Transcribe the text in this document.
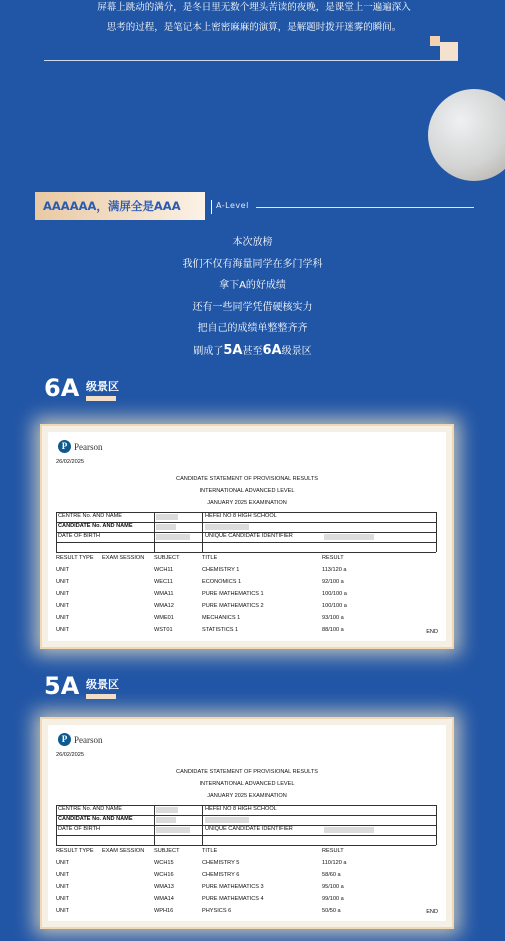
屏幕上跳动的满分，是冬日里无数个埋头苦读的夜晚，是课堂上一遍遍深入

思考的过程，是笔记本上密密麻麻的演算，是解题时拨开迷雾的瞬间。

AAAAAA，满屏全是AAA	A-Level

本次放榜

我们不仅有海量同学在多门学科

拿下A的好成绩

还有一些同学凭借硬核实力

把自己的成绩单整整齐齐

刷成了5A甚至6A级景区

6A 级景区
P Pearson
26/02/2025
CANDIDATE STATEMENT OF PROVISIONAL RESULTS
INTERNATIONAL ADVANCED LEVEL
JANUARY 2025 EXAMINATION
CENTRE No. AND NAME	HEFEI NO 8 HIGH SCHOOL
CANDIDATE No. AND NAME
DATE OF BIRTH	UNIQUE CANDIDATE IDENTIFIER
RESULT TYPE EXAM SESSION SUBJECT	TITLE	RESULT
UNIT	WCH11	CHEMISTRY 1	113/120 a
UNIT	WEC11	ECONOMICS 1	92/100 a
UNIT	WMA11	PURE MATHEMATICS 1	100/100 a
UNIT	WMA12	PURE MATHEMATICS 2	100/100 a
UNIT	WME01	MECHANICS 1	93/100 a
UNIT	WST01	STATISTICS 1	88/100 a	END
5A 级景区
P Pearson
26/02/2025
CANDIDATE STATEMENT OF PROVISIONAL RESULTS
INTERNATIONAL ADVANCED LEVEL
JANUARY 2025 EXAMINATION
CENTRE No. AND NAME	HEFEI NO 8 HIGH SCHOOL
CANDIDATE No. AND NAME
DATE OF BIRTH	UNIQUE CANDIDATE IDENTIFIER
RESULT TYPE EXAM SESSION SUBJECT	TITLE	RESULT
UNIT	WCH15	CHEMISTRY 5	110/120 a
UNIT	WCH16	CHEMISTRY 6	58/60 a
UNIT	WMA13	PURE MATHEMATICS 3	95/100 a
UNIT	WMA14	PURE MATHEMATICS 4	99/100 a
UNIT	WPH16	PHYSICS 6	50/50 a	END
